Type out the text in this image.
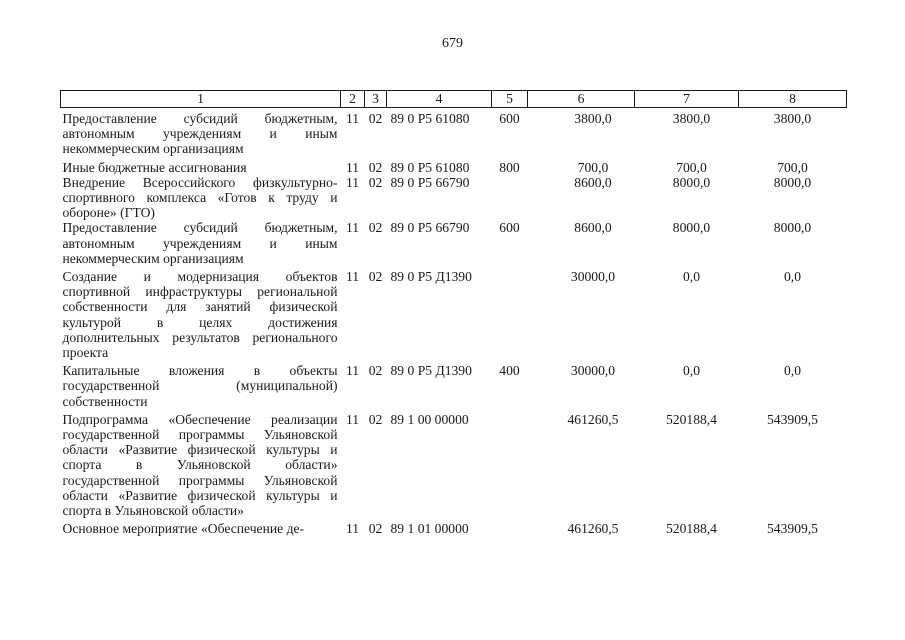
679
1	2	3	4	5	6	7	8
Предоставление субсидий бюджетным, автономным учреждениям и иным некоммерческим организациям	11	02	89 0 P5 61080	600	3800,0	3800,0	3800,0
Иные бюджетные ассигнования	11	02	89 0 P5 61080	800	700,0	700,0	700,0
Внедрение Всероссийского физкультурно-спортивного комплекса «Готов к труду и обороне» (ГТО)	11	02	89 0 P5 66790		8600,0	8000,0	8000,0
Предоставление субсидий бюджетным, автономным учреждениям и иным некоммерческим организациям	11	02	89 0 P5 66790	600	8600,0	8000,0	8000,0
Создание и модернизация объектов спортивной инфраструктуры региональной собственности для занятий физической культурой в целях достижения дополнительных результатов регионального проекта	11	02	89 0 P5 Д1390		30000,0	0,0	0,0
Капитальные вложения в объекты государственной (муниципальной) собственности	11	02	89 0 P5 Д1390	400	30000,0	0,0	0,0
Подпрограмма «Обеспечение реализации государственной программы Ульяновской области «Развитие физической культуры и спорта в Ульяновской области» государственной программы Ульяновской области «Развитие физической культуры и спорта в Ульяновской области»	11	02	89 1 00 00000		461260,5	520188,4	543909,5
Основное мероприятие «Обеспечение де-	11	02	89 1 01 00000		461260,5	520188,4	543909,5
